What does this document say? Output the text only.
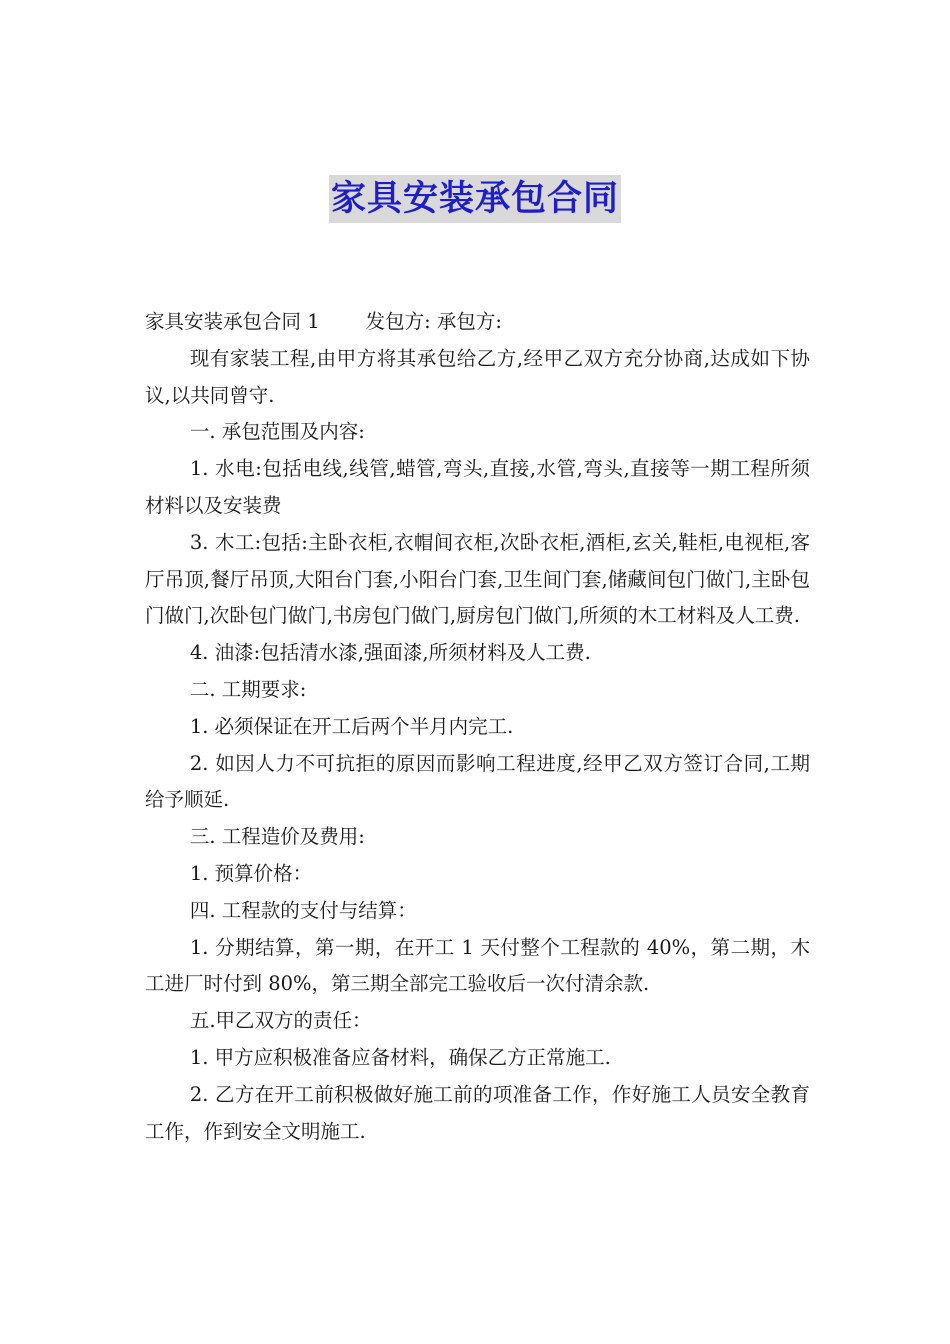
家具安装承包合同

家具安装承包合同 1 发包方: 承包方:

现有家装工程,由甲方将其承包给乙方,经甲乙双方充分协商,达成如下协议,以共同曾守.

一. 承包范围及内容:

1. 水电:包括电线,线管,蜡管,弯头,直接,水管,弯头,直接等一期工程所须材料以及安装费

3. 木工:包括:主卧衣柜,衣帽间衣柜,次卧衣柜,酒柜,玄关,鞋柜,电视柜,客厅吊顶,餐厅吊顶,大阳台门套,小阳台门套,卫生间门套,储藏间包门做门,主卧包门做门,次卧包门做门,书房包门做门,厨房包门做门,所须的木工材料及人工费.

4. 油漆:包括清水漆,强面漆,所须材料及人工费.

二. 工期要求:

1. 必须保证在开工后两个半月内完工.

2. 如因人力不可抗拒的原因而影响工程进度,经甲乙双方签订合同,工期给予顺延.

三. 工程造价及费用:

1. 预算价格：

四. 工程款的支付与结算：

1. 分期结算，第一期，在开工 1 天付整个工程款的 40%，第二期，木工进厂时付到 80%，第三期全部完工验收后一次付清余款.

五.甲乙双方的责任：

1. 甲方应积极准备应备材料，确保乙方正常施工.

2. 乙方在开工前积极做好施工前的项准备工作，作好施工人员安全教育工作，作到安全文明施工.
